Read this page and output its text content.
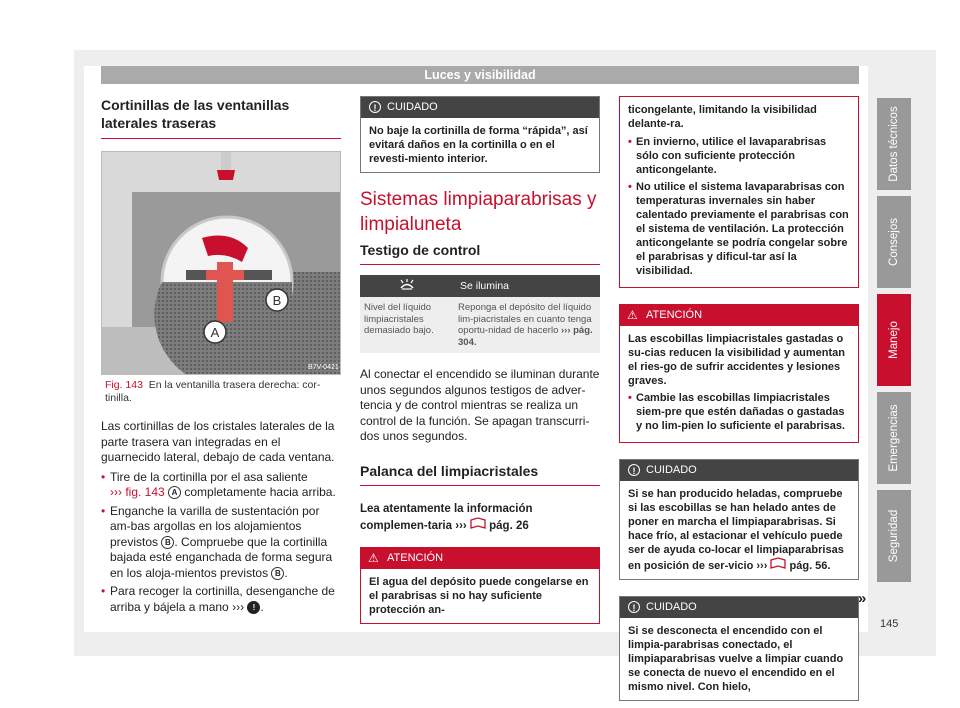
Luces y visibilidad
Cortinillas de las ventanillas laterales traseras
A
B
B7V-0421
Fig. 143 En la ventanilla trasera derecha: cor-tinilla.

Las cortinillas de los cristales laterales de la parte trasera van integradas en el guarnecido lateral, debajo de cada ventana.

• Tire de la cortinilla por el asa saliente
››› fig. 143 A completamente hacia arriba.
• Enganche la varilla de sustentación por am-bas argollas en los alojamientos previstos B . Compruebe que la cortinilla bajada esté enganchada de forma segura en los aloja-mientos previstos B .
• Para recoger la cortinilla, desenganche de arriba y bájela a mano ››› ! .
! CUIDADO
No baje la cortinilla de forma “rápida”, así evitará daños en la cortinilla o en el revesti-miento interior.
Sistemas limpiaparabrisas y limpialuneta
Testigo de control
	Se ilumina
Nivel del líquido limpiacristales demasiado bajo.	Reponga el depósito del líquido lim-piacristales en cuanto tenga oportu-nidad de hacerlo ››› pág. 304.

Al conectar el encendido se iluminan durante unos segundos algunos testigos de adver-tencia y de control mientras se realiza un control de la función. Se apagan transcurri-dos unos segundos.

Palanca del limpiacristales

Lea atentamente la información complemen-taria ›››  pág. 26

⚠ ATENCIÓN
El agua del depósito puede congelarse en el parabrisas si no hay suficiente protección an-
ticongelante, limitando la visibilidad delante-ra.
• En invierno, utilice el lavaparabrisas sólo con suficiente protección anticongelante.
• No utilice el sistema lavaparabrisas con temperaturas invernales sin haber calentado previamente el parabrisas con el sistema de ventilación. La protección anticongelante se podría congelar sobre el parabrisas y dificul-tar así la visibilidad.
⚠ ATENCIÓN
Las escobillas limpiacristales gastadas o su-cias reducen la visibilidad y aumentan el ries-go de sufrir accidentes y lesiones graves.
• Cambie las escobillas limpiacristales siem-pre que estén dañadas o gastadas y no lim-pien lo suficiente el parabrisas.
! CUIDADO
Si se han producido heladas, compruebe si las escobillas se han helado antes de poner en marcha el limpiaparabrisas. Si hace frío, al estacionar el vehículo puede ser de ayuda co-locar el limpiaparabrisas en posición de ser-vicio ››› pág. 56.
! CUIDADO
Si se desconecta el encendido con el limpia-parabrisas conectado, el limpiaparabrisas vuelve a limpiar cuando se conecta de nuevo el encendido en el mismo nivel. Con hielo,
»
Datos técnicos
Consejos
Manejo
Emergencias
Seguridad
145
